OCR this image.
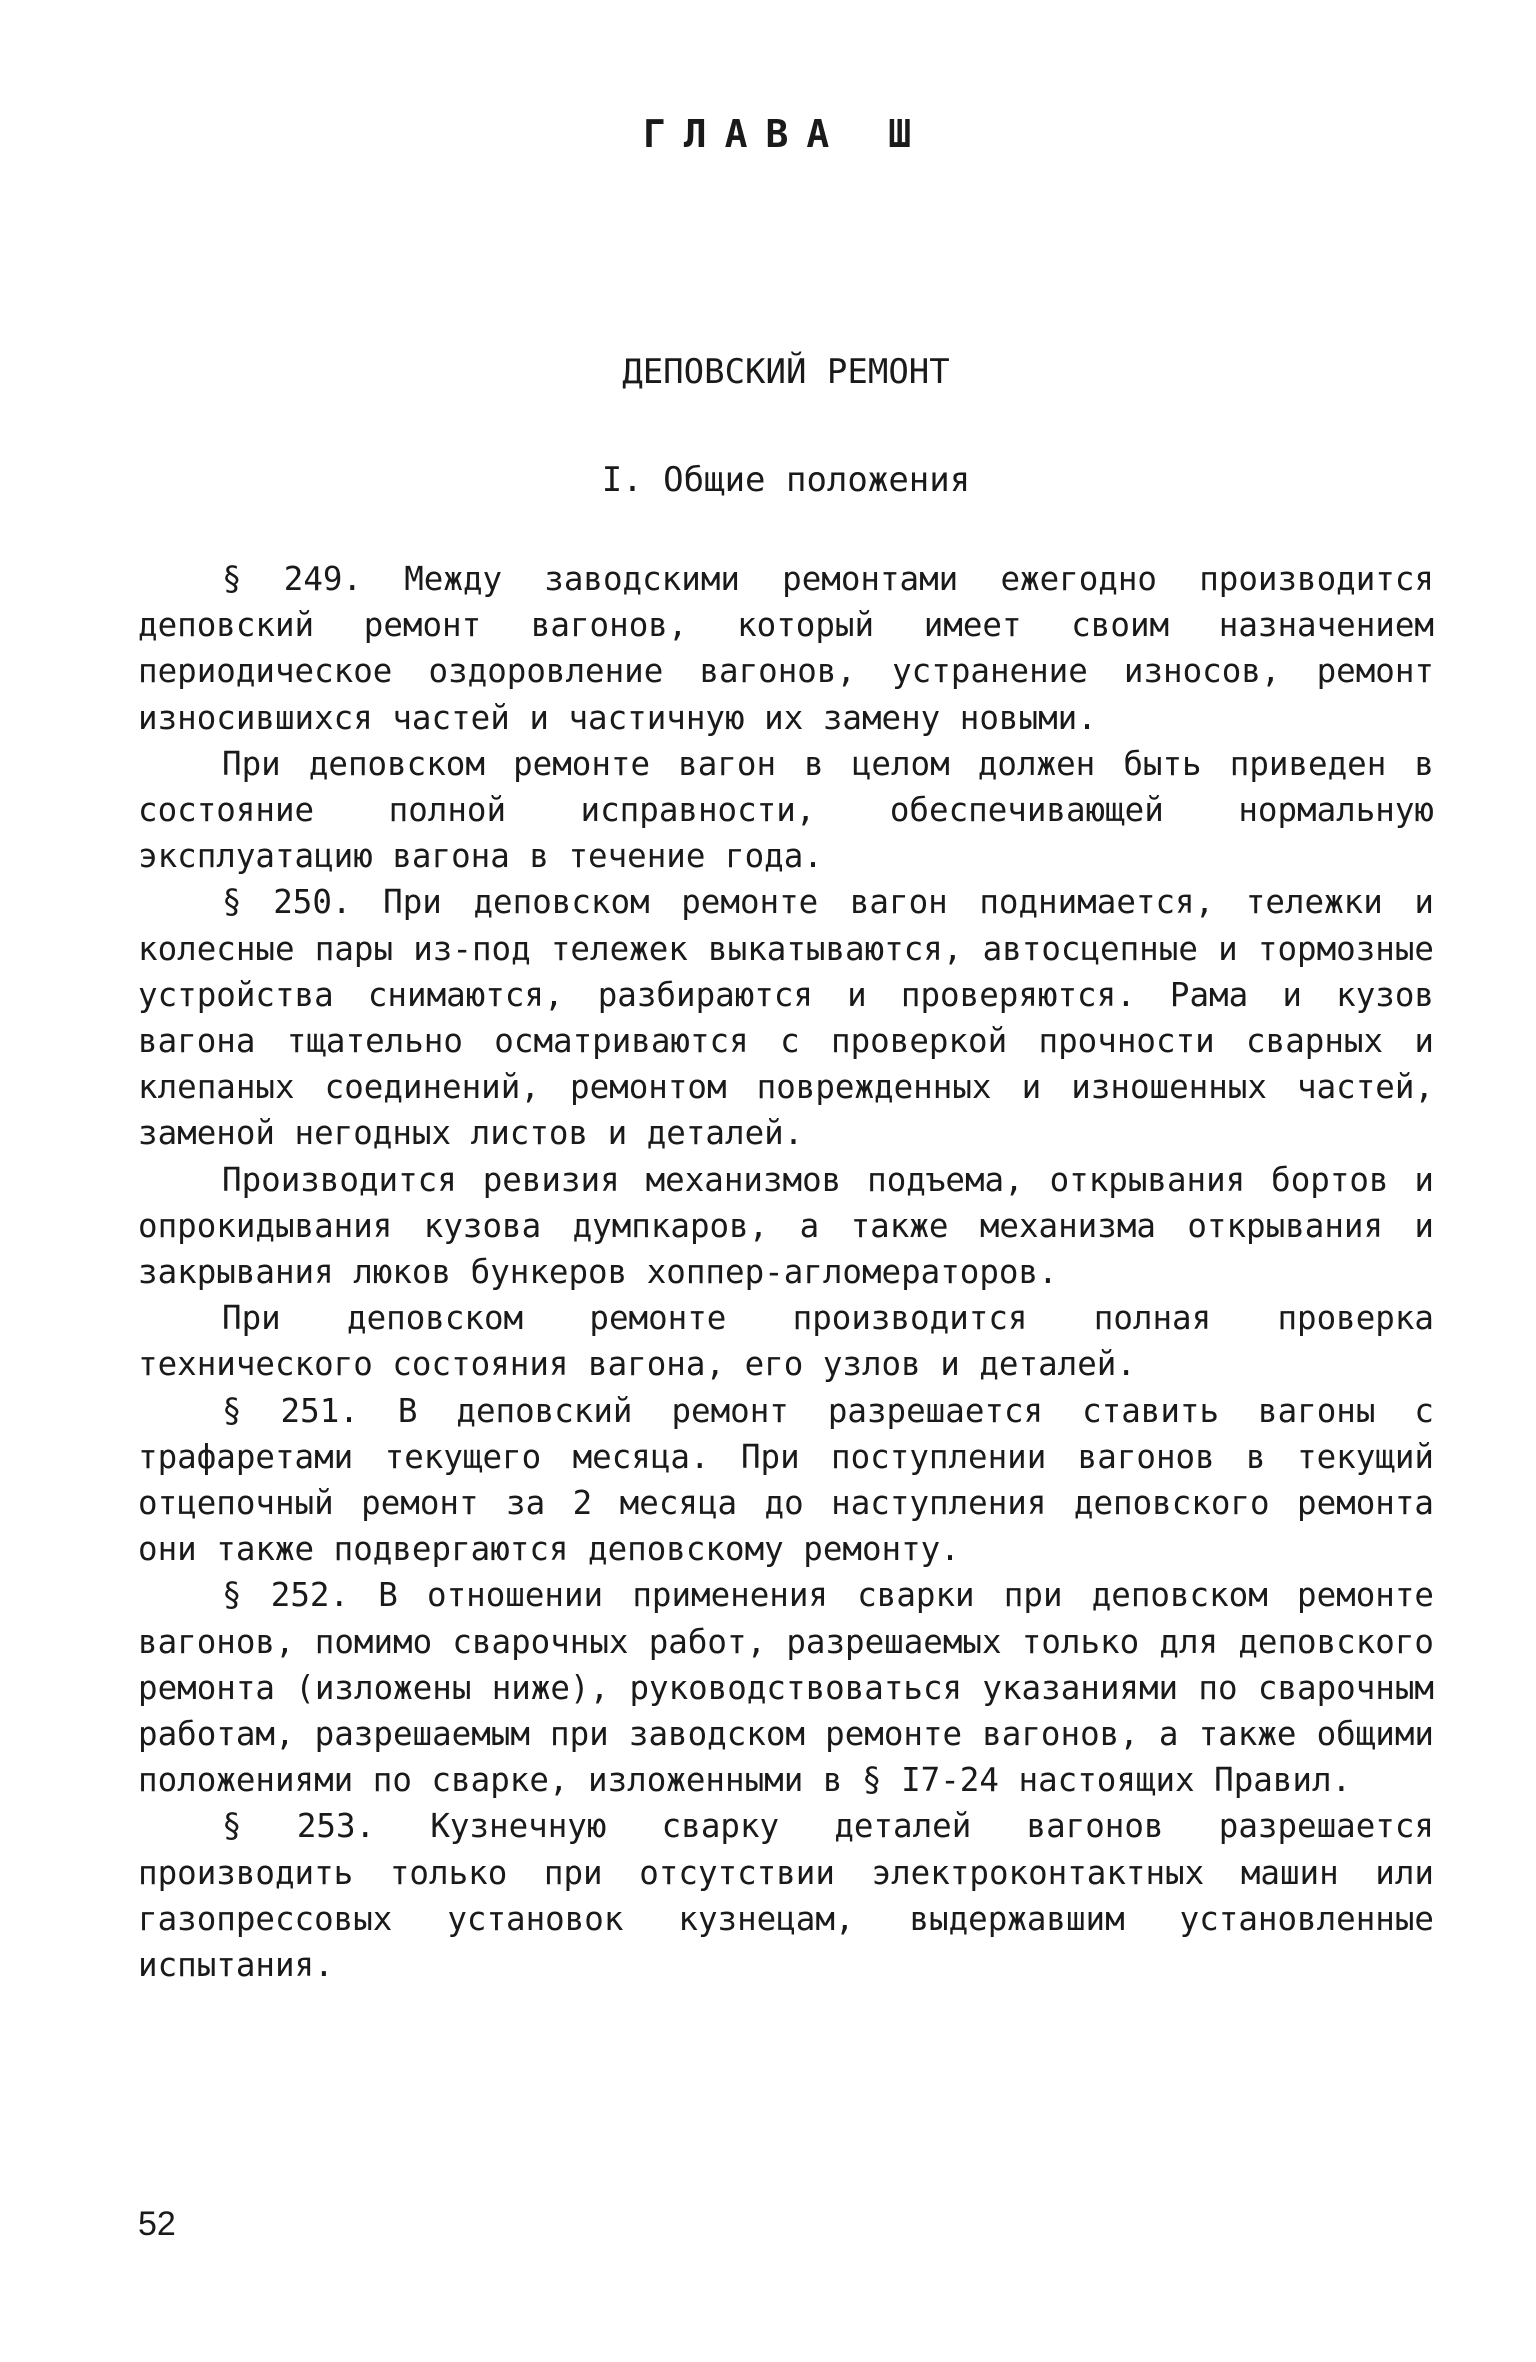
ГЛАВА Ш
ДЕПОВСКИЙ РЕМОНТ
I. Общие положения

§ 249. Между заводскими ремонтами ежегодно производится деповский ремонт вагонов, который имеет своим назначением периодическое оздоровление вагонов, устранение износов, ремонт износившихся частей и частичную их замену новыми.

При деповском ремонте вагон в целом должен быть приведен в состояние полной исправности, обеспечивающей нормальную эксплуатацию вагона в течение года.

§ 250. При деповском ремонте вагон поднимается, тележки и колесные пары из-под тележек выкатываются, автосцепные и тормозные устройства снимаются, разбираются и проверяются. Рама и кузов вагона тщательно осматриваются с проверкой прочности сварных и клепаных соединений, ремонтом поврежденных и изношенных частей, заменой негодных листов и деталей.

Производится ревизия механизмов подъема, открывания бортов и опрокидывания кузова думпкаров, а также механизма открывания и закрывания люков бункеров хоппер-агломераторов.

При деповском ремонте производится полная проверка технического состояния вагона, его узлов и деталей.

§ 251. В деповский ремонт разрешается ставить вагоны с трафаретами текущего месяца. При поступлении вагонов в текущий отцепочный ремонт за 2 месяца до наступления деповского ремонта они также подвергаются деповскому ремонту.

§ 252. В отношении применения сварки при деповском ремонте вагонов, помимо сварочных работ, разрешаемых только для деповского ремонта (изложены ниже), руководствоваться указаниями по сварочным работам, разрешаемым при заводском ремонте вагонов, а также общими положениями по сварке, изложенными в § I7-24 настоящих Правил.

§ 253. Кузнечную сварку деталей вагонов разрешается производить только при отсутствии электроконтактных машин или газопрессовых установок кузнецам, выдержавшим установленные испытания.

52
